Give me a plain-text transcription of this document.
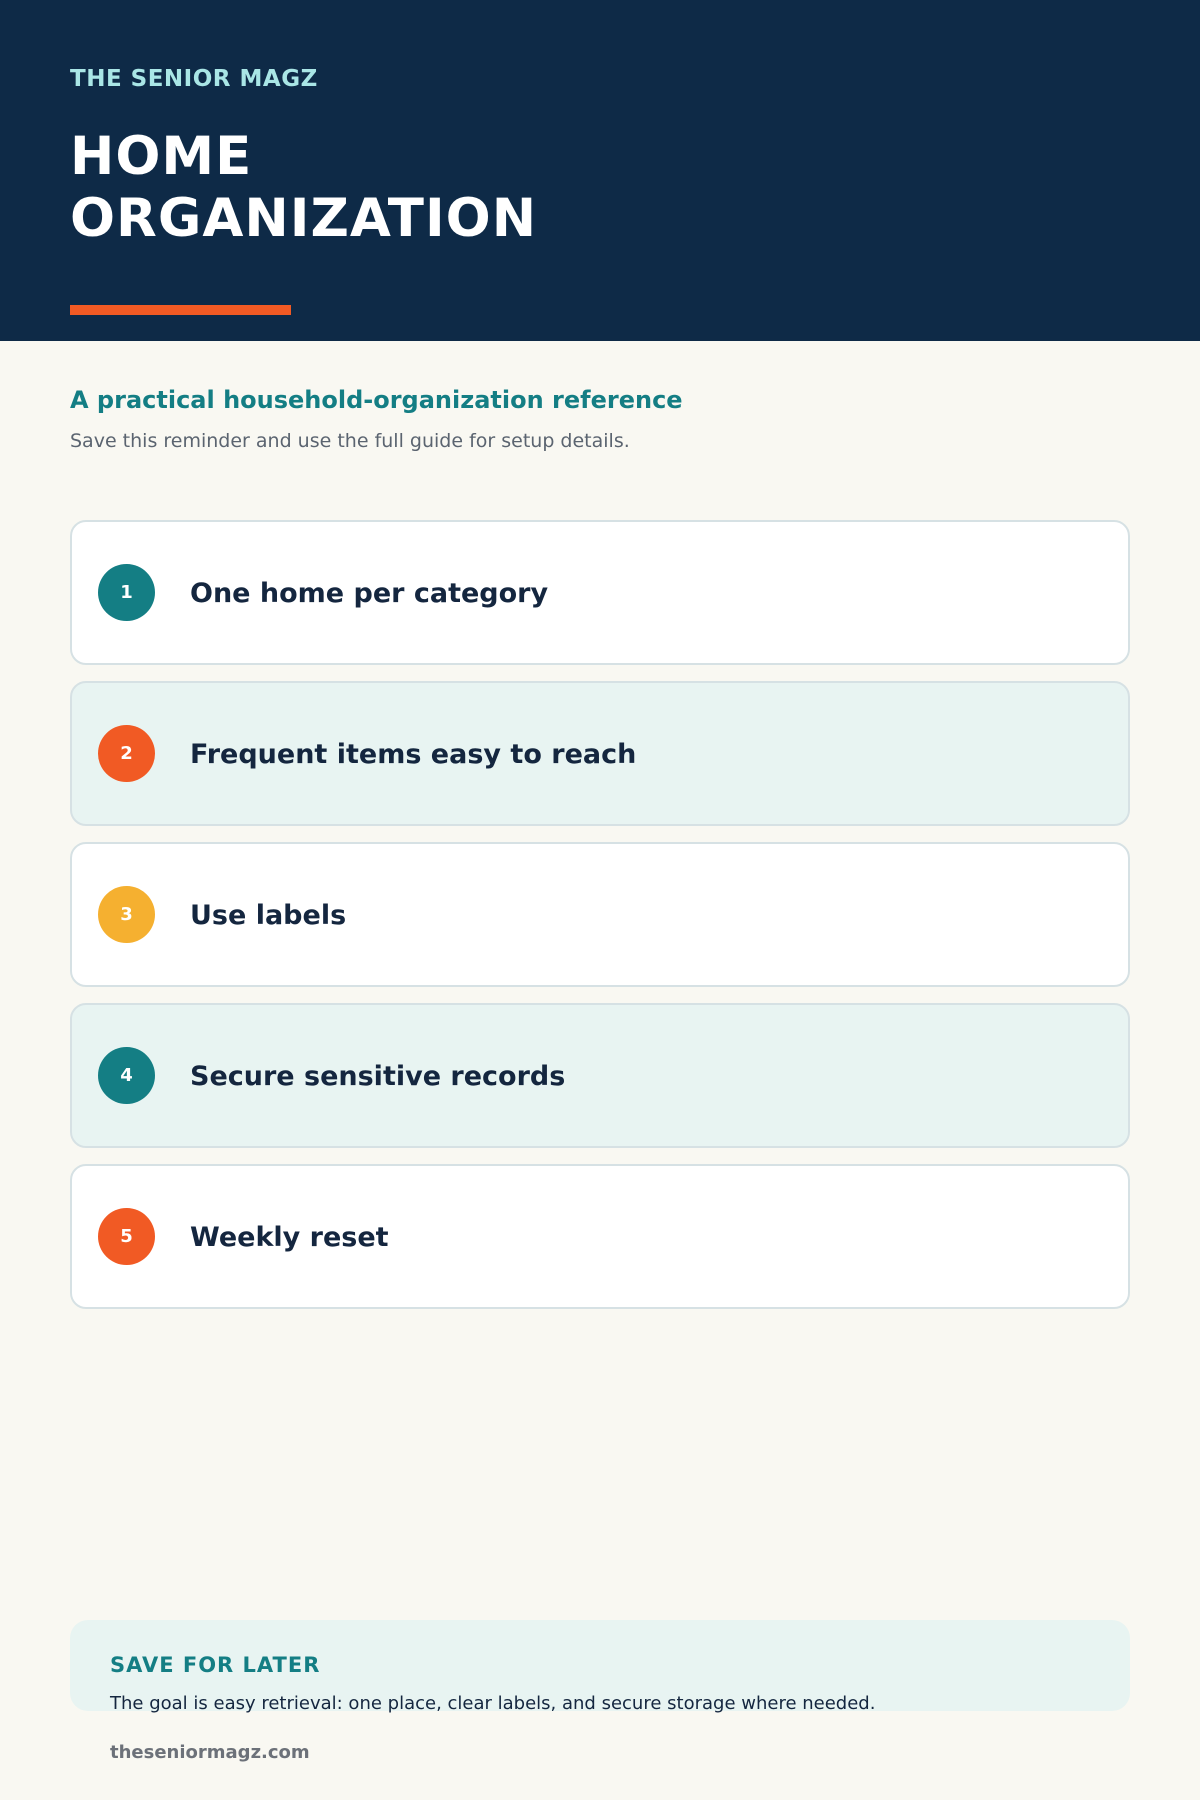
THE SENIOR MAGZ
HOME
ORGANIZATION
A practical household-organization reference
Save this reminder and use the full guide for setup details.
1	One home per category
2	Frequent items easy to reach
3	Use labels
4	Secure sensitive records
5	Weekly reset
SAVE FOR LATER
The goal is easy retrieval: one place, clear labels, and secure storage where needed.
theseniormagz.com
